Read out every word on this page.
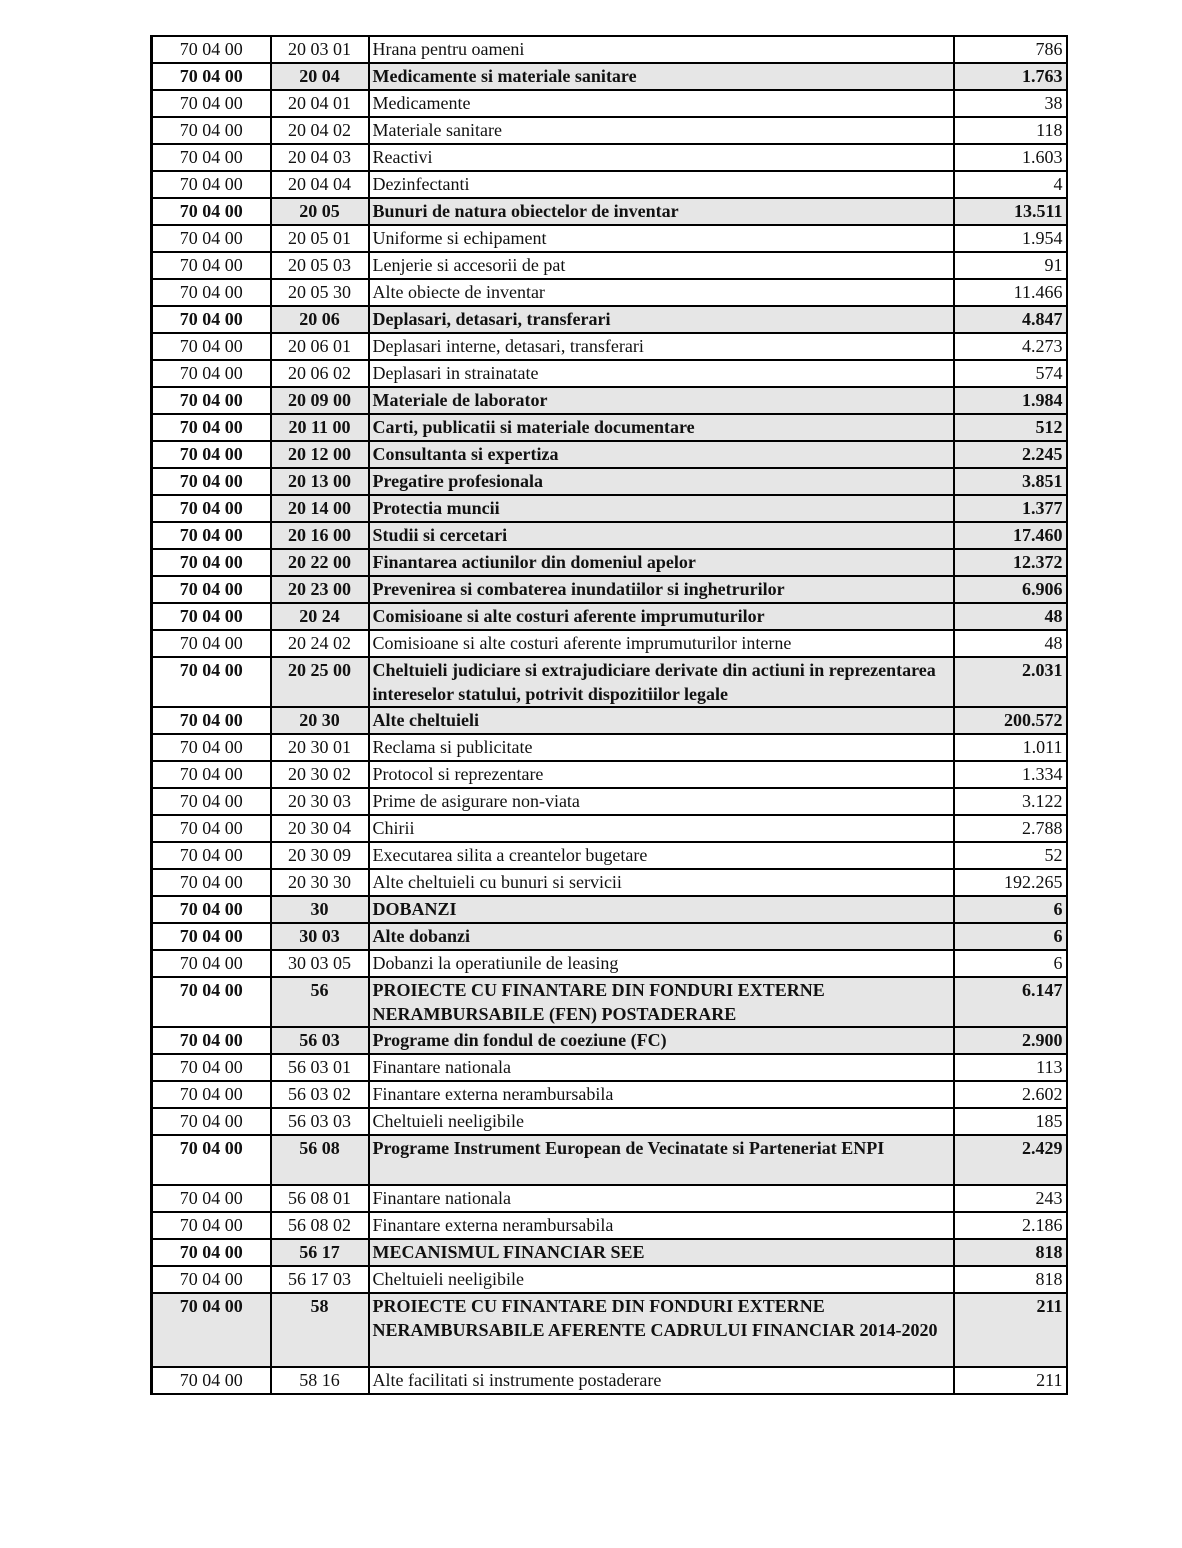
70 04 00	20 03 01	Hrana pentru oameni	786
70 04 00	20 04	Medicamente si materiale sanitare	1.763
70 04 00	20 04 01	Medicamente	38
70 04 00	20 04 02	Materiale sanitare	118
70 04 00	20 04 03	Reactivi	1.603
70 04 00	20 04 04	Dezinfectanti	4
70 04 00	20 05	Bunuri de natura obiectelor de inventar	13.511
70 04 00	20 05 01	Uniforme si echipament	1.954
70 04 00	20 05 03	Lenjerie si accesorii de pat	91
70 04 00	20 05 30	Alte obiecte de inventar	11.466
70 04 00	20 06	Deplasari, detasari, transferari	4.847
70 04 00	20 06 01	Deplasari interne, detasari, transferari	4.273
70 04 00	20 06 02	Deplasari in strainatate	574
70 04 00	20 09 00	Materiale de laborator	1.984
70 04 00	20 11 00	Carti, publicatii si materiale documentare	512
70 04 00	20 12 00	Consultanta si expertiza	2.245
70 04 00	20 13 00	Pregatire profesionala	3.851
70 04 00	20 14 00	Protectia muncii	1.377
70 04 00	20 16 00	Studii si cercetari	17.460
70 04 00	20 22 00	Finantarea actiunilor din domeniul apelor	12.372
70 04 00	20 23 00	Prevenirea si combaterea inundatiilor si inghetrurilor	6.906
70 04 00	20 24	Comisioane si alte costuri aferente imprumuturilor	48
70 04 00	20 24 02	Comisioane si alte costuri aferente imprumuturilor interne	48
70 04 00	20 25 00	Cheltuieli judiciare si extrajudiciare derivate din actiuni in reprezentarea intereselor statului, potrivit dispozitiilor legale	2.031
70 04 00	20 30	Alte cheltuieli	200.572
70 04 00	20 30 01	Reclama si publicitate	1.011
70 04 00	20 30 02	Protocol si reprezentare	1.334
70 04 00	20 30 03	Prime de asigurare non-viata	3.122
70 04 00	20 30 04	Chirii	2.788
70 04 00	20 30 09	Executarea silita a creantelor bugetare	52
70 04 00	20 30 30	Alte cheltuieli cu bunuri si servicii	192.265
70 04 00	30	DOBANZI	6
70 04 00	30 03	Alte dobanzi	6
70 04 00	30 03 05	Dobanzi la operatiunile de leasing	6
70 04 00	56	PROIECTE CU FINANTARE DIN FONDURI EXTERNE NERAMBURSABILE (FEN) POSTADERARE	6.147
70 04 00	56 03	Programe din fondul de coeziune (FC)	2.900
70 04 00	56 03 01	Finantare nationala	113
70 04 00	56 03 02	Finantare externa nerambursabila	2.602
70 04 00	56 03 03	Cheltuieli neeligibile	185
70 04 00	56 08	Programe Instrument European de Vecinatate si Parteneriat ENPI	2.429
70 04 00	56 08 01	Finantare nationala	243
70 04 00	56 08 02	Finantare externa nerambursabila	2.186
70 04 00	56 17	MECANISMUL FINANCIAR SEE	818
70 04 00	56 17 03	Cheltuieli neeligibile	818
70 04 00	58	PROIECTE CU FINANTARE DIN FONDURI EXTERNE NERAMBURSABILE AFERENTE CADRULUI FINANCIAR 2014-2020	211
70 04 00	58 16	Alte facilitati si instrumente postaderare	211
